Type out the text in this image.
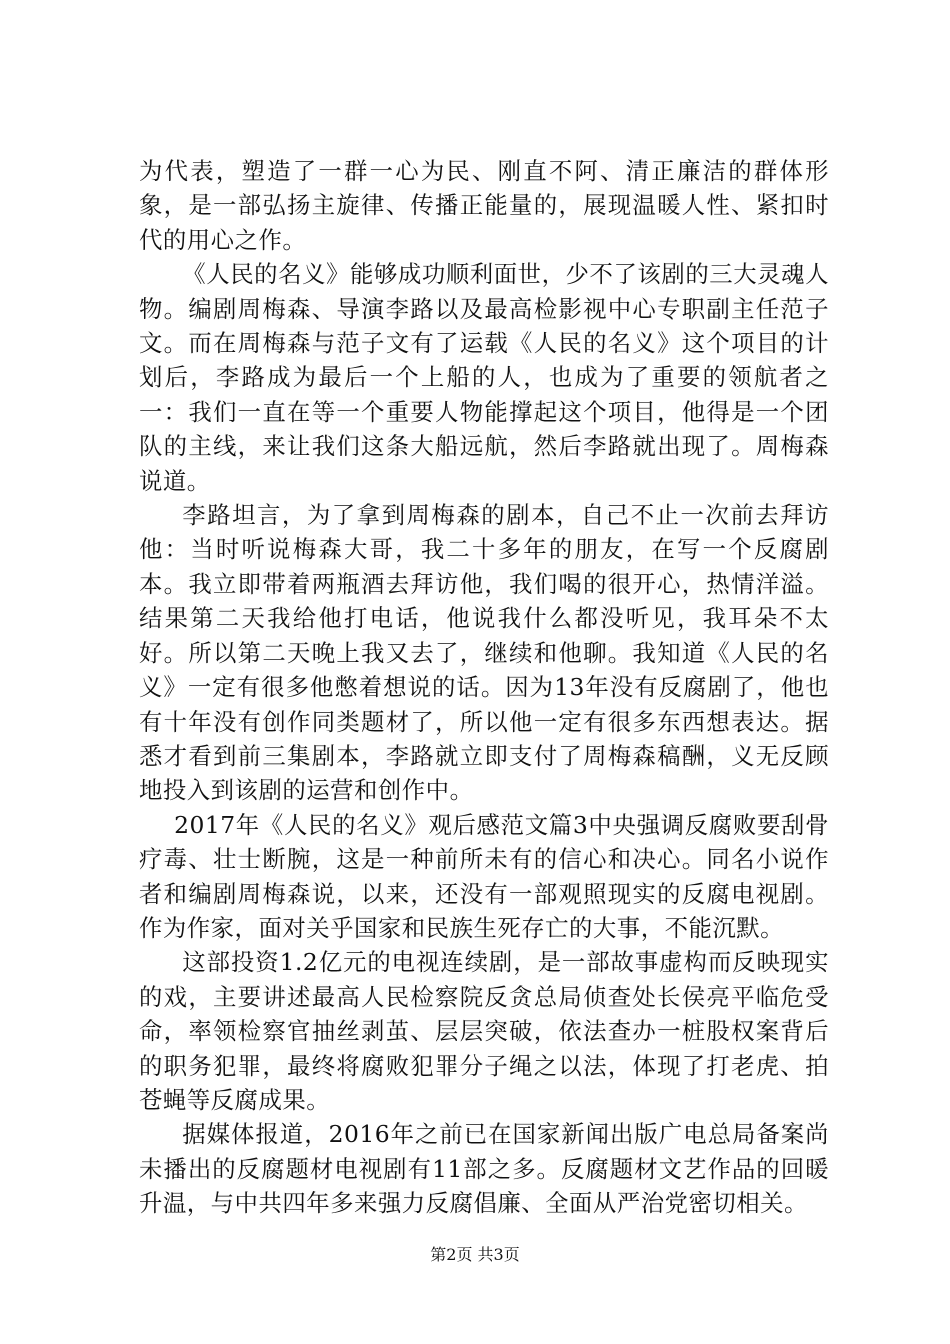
为代表，塑造了一群一心为民、刚直不阿、清正廉洁的群体形象，是一部弘扬主旋律、传播正能量的，展现温暖人性、紧扣时代的用心之作。

《人民的名义》能够成功顺利面世，少不了该剧的三大灵魂人物。编剧周梅森、导演李路以及最高检影视中心专职副主任范子文。而在周梅森与范子文有了运载《人民的名义》这个项目的计划后，李路成为最后一个上船的人，也成为了重要的领航者之一：我们一直在等一个重要人物能撑起这个项目，他得是一个团队的主线，来让我们这条大船远航，然后李路就出现了。周梅森说道。

李路坦言，为了拿到周梅森的剧本，自己不止一次前去拜访他：当时听说梅森大哥，我二十多年的朋友，在写一个反腐剧本。我立即带着两瓶酒去拜访他，我们喝的很开心，热情洋溢。结果第二天我给他打电话，他说我什么都没听见，我耳朵不太好。所以第二天晚上我又去了，继续和他聊。我知道《人民的名义》一定有很多他憋着想说的话。因为13年没有反腐剧了，他也有十年没有创作同类题材了，所以他一定有很多东西想表达。据悉才看到前三集剧本，李路就立即支付了周梅森稿酬，义无反顾地投入到该剧的运营和创作中。

2017年《人民的名义》观后感范文篇3中央强调反腐败要刮骨疗毒、壮士断腕，这是一种前所未有的信心和决心。同名小说作者和编剧周梅森说，以来，还没有一部观照现实的反腐电视剧。作为作家，面对关乎国家和民族生死存亡的大事，不能沉默。

这部投资1.2亿元的电视连续剧，是一部故事虚构而反映现实的戏，主要讲述最高人民检察院反贪总局侦查处长侯亮平临危受命，率领检察官抽丝剥茧、层层突破，依法查办一桩股权案背后的职务犯罪，最终将腐败犯罪分子绳之以法，体现了打老虎、拍苍蝇等反腐成果。

据媒体报道，2016年之前已在国家新闻出版广电总局备案尚未播出的反腐题材电视剧有11部之多。反腐题材文艺作品的回暖升温，与中共四年多来强力反腐倡廉、全面从严治党密切相关。

第2页 共3页
